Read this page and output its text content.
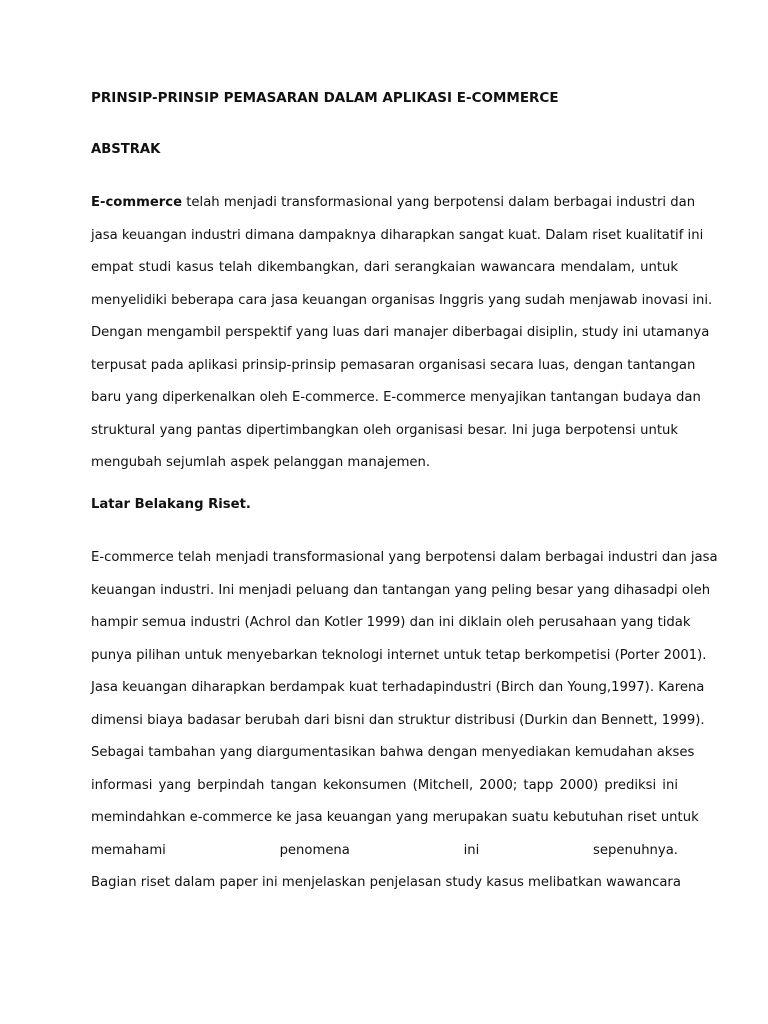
PRINSIP-PRINSIP PEMASARAN DALAM APLIKASI E-COMMERCE
ABSTRAK
E-commerce telah menjadi transformasional yang berpotensi dalam berbagai industri dan
jasa keuangan industri dimana dampaknya diharapkan sangat kuat. Dalam riset kualitatif ini
empat studi kasus telah dikembangkan, dari serangkaian wawancara mendalam, untuk
menyelidiki beberapa cara jasa keuangan organisas Inggris yang sudah menjawab inovasi ini.
Dengan mengambil perspektif yang luas dari manajer diberbagai disiplin, study ini utamanya
terpusat pada aplikasi prinsip-prinsip pemasaran organisasi secara luas, dengan tantangan
baru yang diperkenalkan oleh E-commerce. E-commerce menyajikan tantangan budaya dan
struktural yang pantas dipertimbangkan oleh organisasi besar. Ini juga berpotensi untuk
mengubah sejumlah aspek pelanggan manajemen.
Latar Belakang Riset.
E-commerce telah menjadi transformasional yang berpotensi dalam berbagai industri dan jasa
keuangan industri. Ini menjadi peluang dan tantangan yang peling besar yang dihasadpi oleh
hampir semua industri (Achrol dan Kotler 1999) dan ini diklain oleh perusahaan yang tidak
punya pilihan untuk menyebarkan teknologi internet untuk tetap berkompetisi (Porter 2001).
Jasa keuangan diharapkan berdampak kuat terhadapindustri (Birch dan Young,1997). Karena
dimensi biaya badasar berubah dari bisni dan struktur distribusi (Durkin dan Bennett, 1999).
Sebagai tambahan yang diargumentasikan bahwa dengan menyediakan kemudahan akses
informasi yang berpindah tangan kekonsumen (Mitchell, 2000; tapp 2000) prediksi ini
memindahkan e-commerce ke jasa keuangan yang merupakan suatu kebutuhan riset untuk
memahami penomena ini sepenuhnya.
Bagian riset dalam paper ini menjelaskan penjelasan study kasus melibatkan wawancara
